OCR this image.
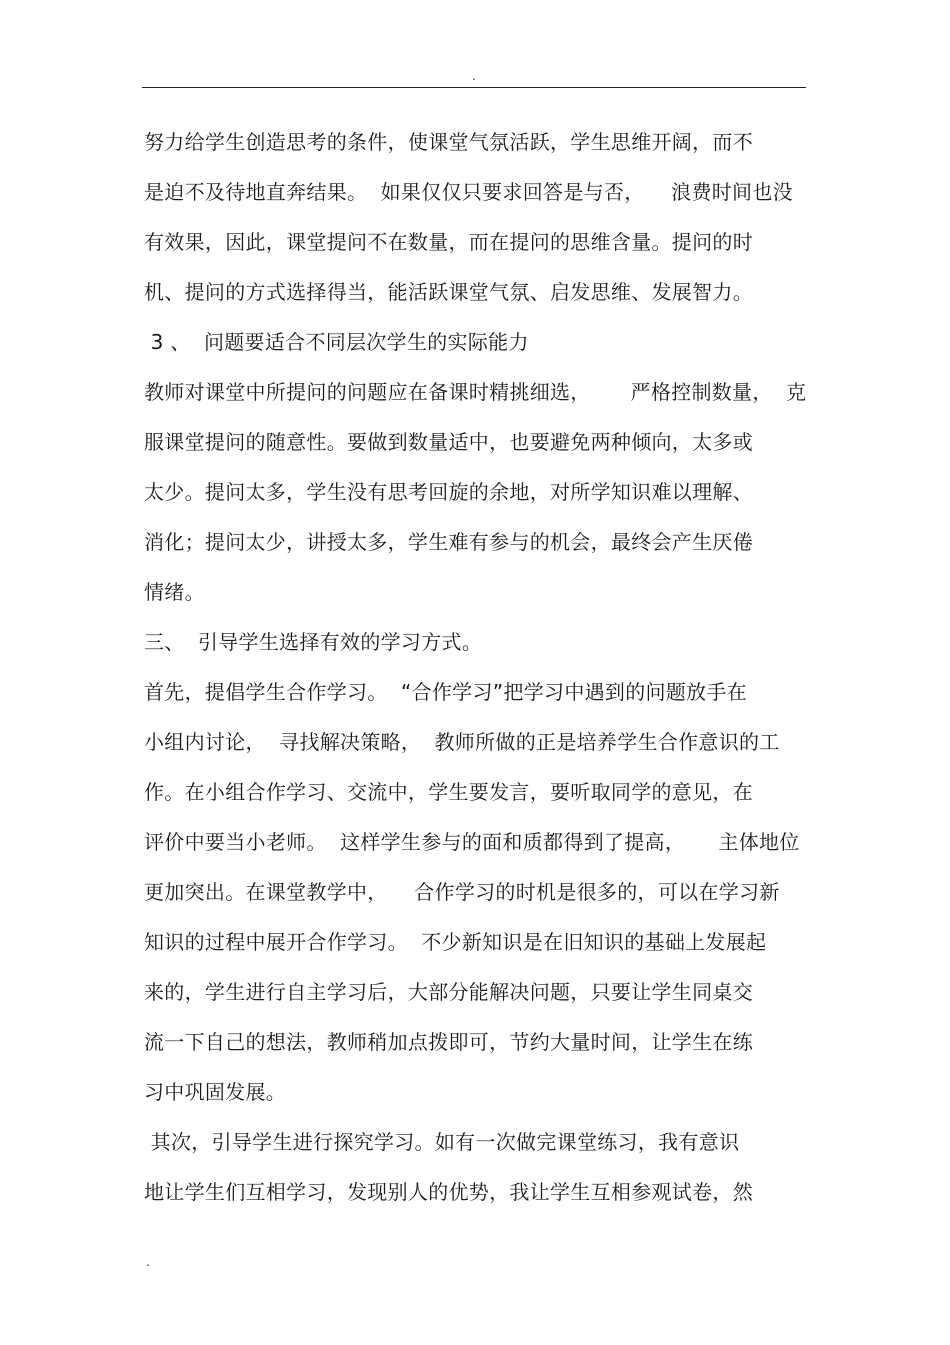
.
努力给学生创造思考的条件，使课堂气氛活跃，学生思维开阔，而不
是迫不及待地直奔结果。  如果仅仅只要求回答是与否，    浪费时间也没
有效果，因此，课堂提问不在数量，而在提问的思维含量。提问的时
机、提问的方式选择得当，能活跃课堂气氛、启发思维、发展智力。
3 、  问题要适合不同层次学生的实际能力
教师对课堂中所提问的问题应在备课时精挑细选，      严格控制数量，  克
服课堂提问的随意性。要做到数量适中，也要避免两种倾向，太多或
太少。提问太多，学生没有思考回旋的余地，对所学知识难以理解、
消化；提问太少，讲授太多，学生难有参与的机会，最终会产生厌倦
情绪。
三、  引导学生选择有效的学习方式。
首先，提倡学生合作学习。  “合作学习”把学习中遇到的问题放手在
小组内讨论，  寻找解决策略，  教师所做的正是培养学生合作意识的工
作。在小组合作学习、交流中，学生要发言，要听取同学的意见，在
评价中要当小老师。  这样学生参与的面和质都得到了提高，     主体地位
更加突出。在课堂教学中，    合作学习的时机是很多的，可以在学习新
知识的过程中展开合作学习。  不少新知识是在旧知识的基础上发展起
来的，学生进行自主学习后，大部分能解决问题，只要让学生同桌交
流一下自己的想法，教师稍加点拨即可，节约大量时间，让学生在练
习中巩固发展。
其次，引导学生进行探究学习。如有一次做完课堂练习，我有意识
地让学生们互相学习，发现别人的优势，我让学生互相参观试卷，然
.
